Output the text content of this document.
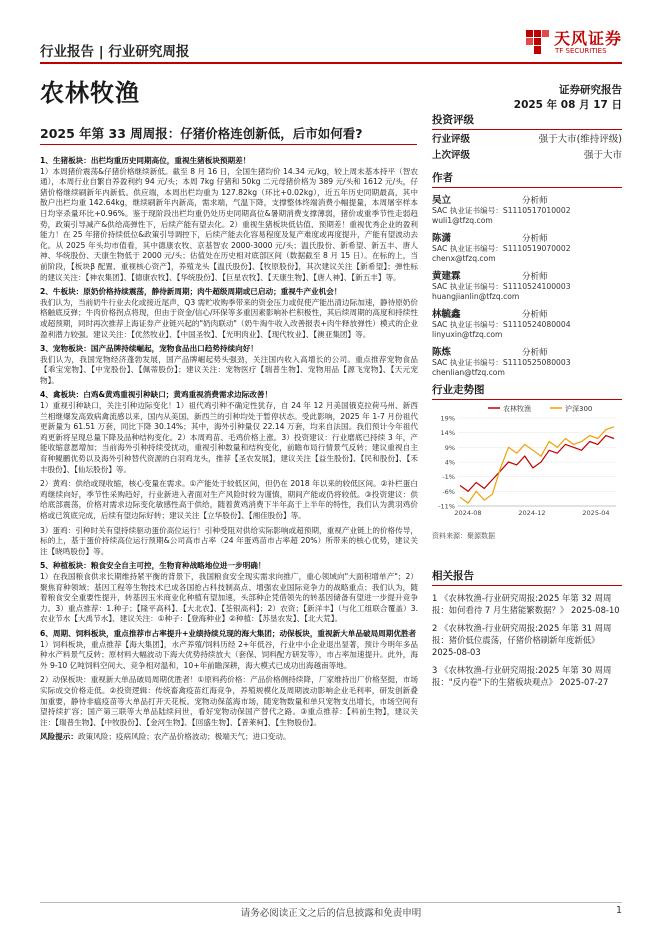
行业报告 | 行业研究周报
天风证券
TF SECURITIES
农林牧渔	证券研究报告
2025 年 08 月 17 日
2025 年第 33 周周报：仔猪价格连创新低，后市如何看?

1、生猪板块：出栏均重历史同期高位，重视生猪板块预期差！
1）本周猪价震荡&仔猪价格继续新低。截至 8 月 16 日，全国生猪均价 14.34 元/kg，较上周未基本持平（智农通），本周行业自繁自养盈利约 94 元/头；本周 7kg 仔猪和 50kg 二元母猪价格为 389 元/头和 1612 元/头，仔猪价格继续刷新年内新低。供应端，本周出栏均重为 127.82kg（环比+0.02kg），近五年历史同期最高，其中散户出栏均重 142.64kg，继续刷新年内新高，需求端，气温下降，支撑整体终端消费小幅提量，本周屠宰样本日均宰杀量环比+0.96%。鉴于现阶段出栏均重仍处历史同期高位&暑期消费支撑薄弱，猪价或重季节性走弱趋势，政策引导减产&供给高弹性下，后续产能有望去化。2）重视生猪板块低估值、预期差！重视优秀企业的盈利能力！在 25 年猪价持续低位&政策引导调控下，后续产能去化容易程度及复产难度或再度提升，产能有望波动去化。从 2025 年头均市值看，其中德康农牧、京基智农 2000-3000 元/头；温氏股份、新希望、新五丰、唐人神、华统股份、天康生物低于 2000 元/头；估值处在历史相对底部区间（数据截至 8 月 15 日）。在标的上，当前阶段，【板块β 配置、重视核心资产】，养殖龙头【温氏股份】、【牧原股份】，其次建议关注【新希望】；弹性标的建议关注：【神农集团】、【德康农牧】、【华统股份】、【巨星农牧】、【天康生物】、【唐人神】、【新五丰】等。

2、牛板块：原奶价格持续震荡，静待新周期；肉牛超级周期或已启动；重视牛产业机会！
我们认为，当前奶牛行业去化或接近尾声，Q3 需贮收购季带来的资金压力或促使产能出清边际加速，静待原奶价格触底反弹；牛肉价格拐点将现，但由于资金/信心/环保等多重因素影响补栏积极性，其后续周期的高度和持续性或超预期，同时再次推荐上海证券产业链兴起的"奶肉联动"（奶牛淘牛收入改善报表+肉牛释放弹性）模式的企业盈利潜力较强。建议关注：【优然牧业】、【中国圣牧】、【光明肉业】、【现代牧业】、【澳亚集团】等。

3、宠物板块：国产品牌持续崛起，宠物食品出口趋势持续向好！
我们认为，我国宠物经济蓬勃发展，国产品牌崛起势头强劲，关注国内收入高增长的公司。重点推荐宠物食品【乖宝宠物】、【中宠股份】、【佩蒂股份】；建议关注：宠物医疗【瑞普生物】、宠物用品【源飞宠物】、【天元宠物】。

4、禽板块：白鸡&黄鸡重视引种缺口；黄鸡重视消费需求边际改善！
1）重视引种缺口，关注引种边际变化！1）祖代鸡引种不确定性犹存，自 24 年 12 月美国俄克拉荷马州、新西兰相继爆发高致病禽流感以来，国内从美国、新西兰的引种均处于暂停状态。受此影响，2025 年 1-7 月份祖代更新量为 61.51 万套，同比下降 30.14%；其中，海外引种量仅 22.14 万套，均来自法国。我们预计今年祖代鸡更新将呈现总量下降及品种结构变化。2）本周鸡苗、毛鸡价格上涨。3）投资建议：行业磨底已持续 3 年，产能收缩意愿增加；当前海外引种持续受扰动，重视引种数量和结构变化，前瞻布局行情景气反转；建议重视自主育种鲲鹏优势以及海外引种替代资源的白羽鸡龙头，推荐【圣农发展】，建议关注【益生股份】、【民和股份】、【禾丰股份】、【仙坛股份】等。

2）黄鸡：供给或现收缩，核心变量在需求。①产能处于较低区间，但仍在 2018 年以来的较低区间。②补栏蛋白鸡继续向好，季节性采购趋好，行业新进入者面对生产风险时较为谨慎，期间产能或仍将较低。③投资建议：供给底部震荡，价格对需求边际变化敏感性高于供给，随着黄鸡消费下半年高于上半年的特性，我们认为黄羽鸡价格或已筑底完成，后续有望边际好转；建议关注【立华股份】、【湘佳股份】等。

3）蛋鸡：引种时关有望持续驱动蛋价高位运行！引种受阻对供给实际影响或超预期，重视产业链上的价格传导，标的上，基于蛋价持续高位运行预期&公司高市占率（24 年蛋鸡苗市占率超 20%）所带来的核心优势，建议关注【晓鸣股份】等。

5、种植板块：粮食安全自主可控，生物育种战略地位进一步明确！
1）在我国粮食供求长期维持紧平衡的背景下，我国粮食安全现实需求向推广，重心领域向"大面积增单产"；2）聚焦育种领域；基因工程等生物技术已成各国抢占科技制高点、增强农业国际竞争力的战略重点；我们认为，随着粮食安全重要性提升，转基因玉米商业化种植有望加速，头部种企凭借领先的转基因储备有望进一步提升竞争力。3）重点推荐：1.种子；【隆平高科】、【大北农】、【荃银高科】；2）农资；【新洋丰】（与化工组联合覆盖）3.农业节水【大禹节水】、建议关注：①种子：【登海种业】②种植：【苏垦农发】、【北大荒】。

6、周期、饲料板块，重点推荐市占率提升+业绩持续兑现的海大集团；动保板块，重视新大单品破局周期优胜者
1）饲料板块，重点推荐【海大集团】，水产养殖/饲料历经 2+年低谷，行业中小企业退出显著，预计今明年多品种水产料景气反转；原材料大幅波动下海大优势持续放大（套保、饲料配方研发等），市占率加速提升。此外，海外 9-10 亿吨饲料空间大、竞争相对温和，10+年前瞻深耕，海大模式已成功出海越南等地。

2）动保板块：重视新大单品破局周期优胜者！①原料药价格：产品价格侧持续降，厂家维持出厂价格坚挺，市场实际成交价格走低。②投资逻辑：传统畜禽疫苗红海竞争，养殖规模化及周期波动影响企业毛利率，研发创新叠加重要，静待非瘟疫苗等大单品打开天花板。宠物动保蓝海市场，随宠物数量和单只宠物支出增长，市场空间有望持续扩容；国产第三联等大单品陆续问世，看好宠物动保国产替代之路。③重点推荐：【科前生物】，建议关注：【瑞普生物】、【中牧股份】、【金河生物】、【回盛生物】、【普莱柯】、【生物股份】。

风险提示：政策风险；疫病风险；农产品价格波动；极端天气；进口变动。

投资评级
行业评级	强于大市(维持评级)
上次评级	强于大市
作者
吴立	分析师
SAC 执业证书编号：S1110517010002
wuli1@tfzq.com
陈潇	分析师
SAC 执业证书编号：S1110519070002
chenx@tfzq.com
黄建霖	分析师
SAC 执业证书编号：S1110524100003
huangjianlin@tfzq.com
林毓鑫	分析师
SAC 执业证书编号：S1110524080004
linyuxin@tfzq.com
陈炼	分析师
SAC 执业证书编号：S1110525080003
chenlian@tfzq.com
行业走势图
农林牧渔	沪深300
19%
14%
9%
4%
-1%
-6%
-11%
2024-08	2024-12	2025-04
资料来源：聚源数据
相关报告
1 《农林牧渔-行业研究周报:2025 年第 32 周周报：如何看待 7 月生猪能繁数据？》 2025-08-10
2 《农林牧渔-行业研究周报:2025 年第 31 周周报：猪价低位震荡，仔猪价格刷新年度新低》 2025-08-03
3 《农林牧渔-行业研究周报:2025 年第 30 周周报："反内卷"下的生猪板块观点》 2025-07-27
请务必阅读正文之后的信息披露和免责申明	1
